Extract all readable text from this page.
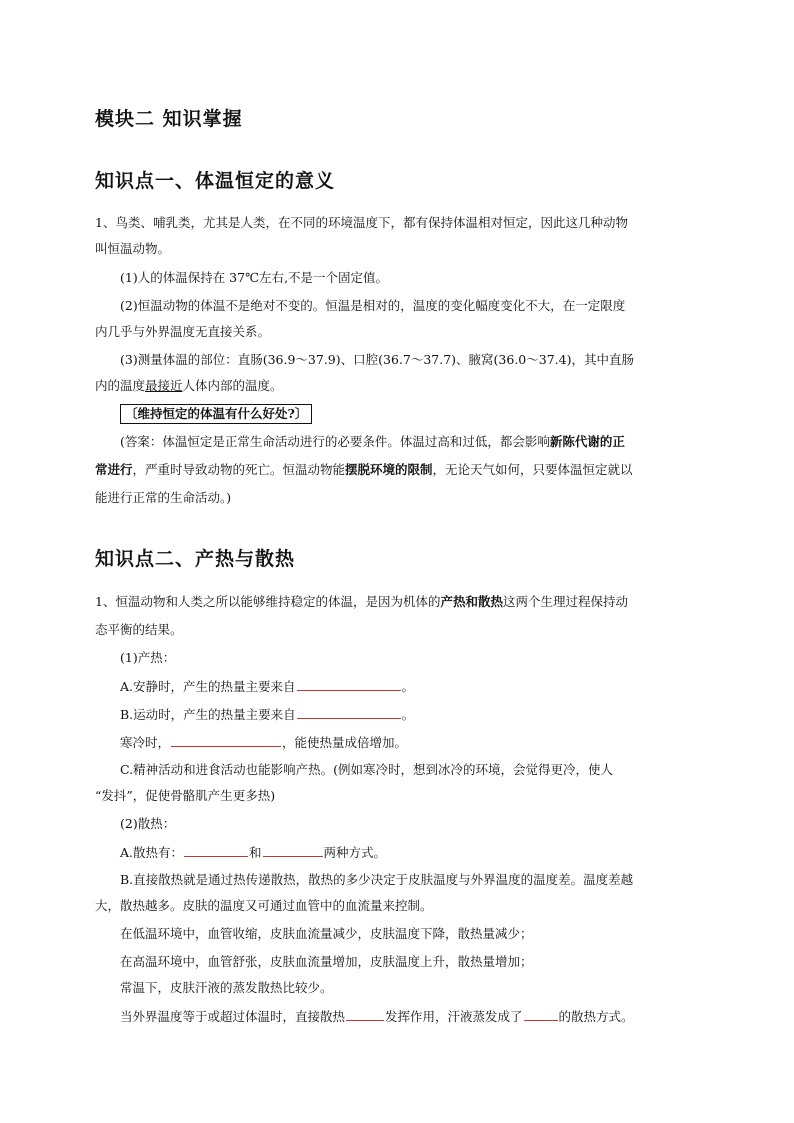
模块二 知识掌握
知识点一、体温恒定的意义
1、鸟类、哺乳类，尤其是人类，在不同的环境温度下，都有保持体温相对恒定，因此这几种动物
叫恒温动物。
(1)人的体温保持在 37℃左右,不是一个固定值。
(2)恒温动物的体温不是绝对不变的。恒温是相对的，温度的变化幅度变化不大，在一定限度
内几乎与外界温度无直接关系。
(3)测量体温的部位：直肠(36.9～37.9)、口腔(36.7～37.7)、腋窝(36.0～37.4)，其中直肠
内的温度最接近人体内部的温度。
〔维持恒定的体温有什么好处?〕
(答案：体温恒定是正常生命活动进行的必要条件。体温过高和过低，都会影响新陈代谢的正
常进行，严重时导致动物的死亡。恒温动物能摆脱环境的限制，无论天气如何，只要体温恒定就以
能进行正常的生命活动。)
知识点二、产热与散热
1、恒温动物和人类之所以能够维持稳定的体温，是因为机体的产热和散热这两个生理过程保持动
态平衡的结果。
(1)产热：
A.安静时，产生的热量主要来自	。
B.运动时，产生的热量主要来自	。
寒冷时，	，能使热量成倍增加。
C.精神活动和进食活动也能影响产热。(例如寒冷时，想到冰冷的环境，会觉得更冷，使人
“发抖”，促使骨骼肌产生更多热)
(2)散热：
A.散热有：	和	两种方式。
B.直接散热就是通过热传递散热，散热的多少决定于皮肤温度与外界温度的温度差。温度差越
大，散热越多。皮肤的温度又可通过血管中的血流量来控制。
在低温环境中，血管收缩，皮肤血流量减少，皮肤温度下降，散热量减少；
在高温环境中，血管舒张，皮肤血流量增加，皮肤温度上升，散热量增加；
常温下，皮肤汗液的蒸发散热比较少。
当外界温度等于或超过体温时，直接散热	发挥作用，汗液蒸发成了	的散热方式。
